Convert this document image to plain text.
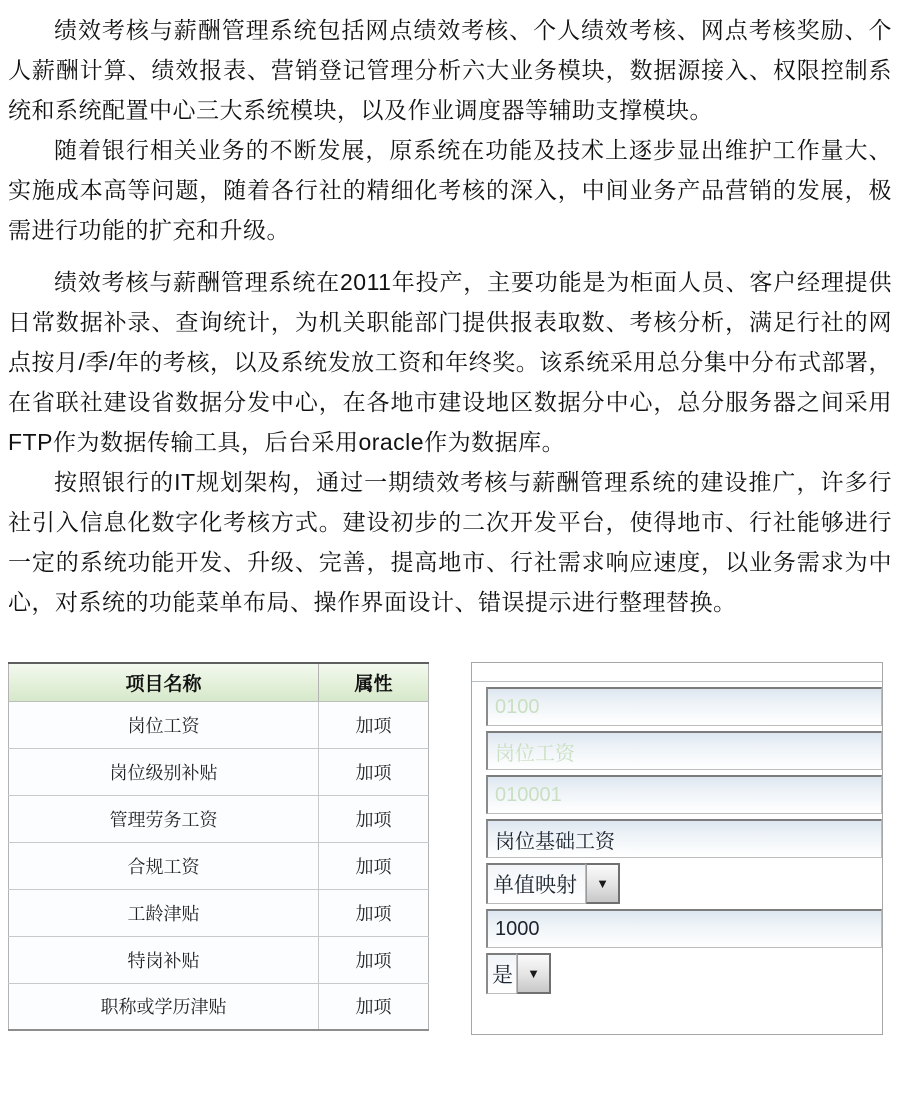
绩效考核与薪酬管理系统包括网点绩效考核、个人绩效考核、网点考核奖励、个人薪酬计算、绩效报表、营销登记管理分析六大业务模块，数据源接入、权限控制系统和系统配置中心三大系统模块，以及作业调度器等辅助支撑模块。

随着银行相关业务的不断发展，原系统在功能及技术上逐步显出维护工作量大、实施成本高等问题，随着各行社的精细化考核的深入，中间业务产品营销的发展，极需进行功能的扩充和升级。

绩效考核与薪酬管理系统在2011年投产，主要功能是为柜面人员、客户经理提供日常数据补录、查询统计，为机关职能部门提供报表取数、考核分析，满足行社的网点按月/季/年的考核，以及系统发放工资和年终奖。该系统采用总分集中分布式部署，在省联社建设省数据分发中心，在各地市建设地区数据分中心，总分服务器之间采用FTP作为数据传输工具，后台采用oracle作为数据库。

按照银行的IT规划架构，通过一期绩效考核与薪酬管理系统的建设推广，许多行社引入信息化数字化考核方式。建设初步的二次开发平台，使得地市、行社能够进行一定的系统功能开发、升级、完善，提高地市、行社需求响应速度，以业务需求为中心，对系统的功能菜单布局、操作界面设计、错误提示进行整理替换。

项目名称	属性
岗位工资	加项
岗位级别补贴	加项
管理劳务工资	加项
合规工资	加项
工龄津贴	加项
特岗补贴	加项
职称或学历津贴	加项
0100
岗位工资
010001
岗位基础工资
单值映射	▼
1000
是	▼
